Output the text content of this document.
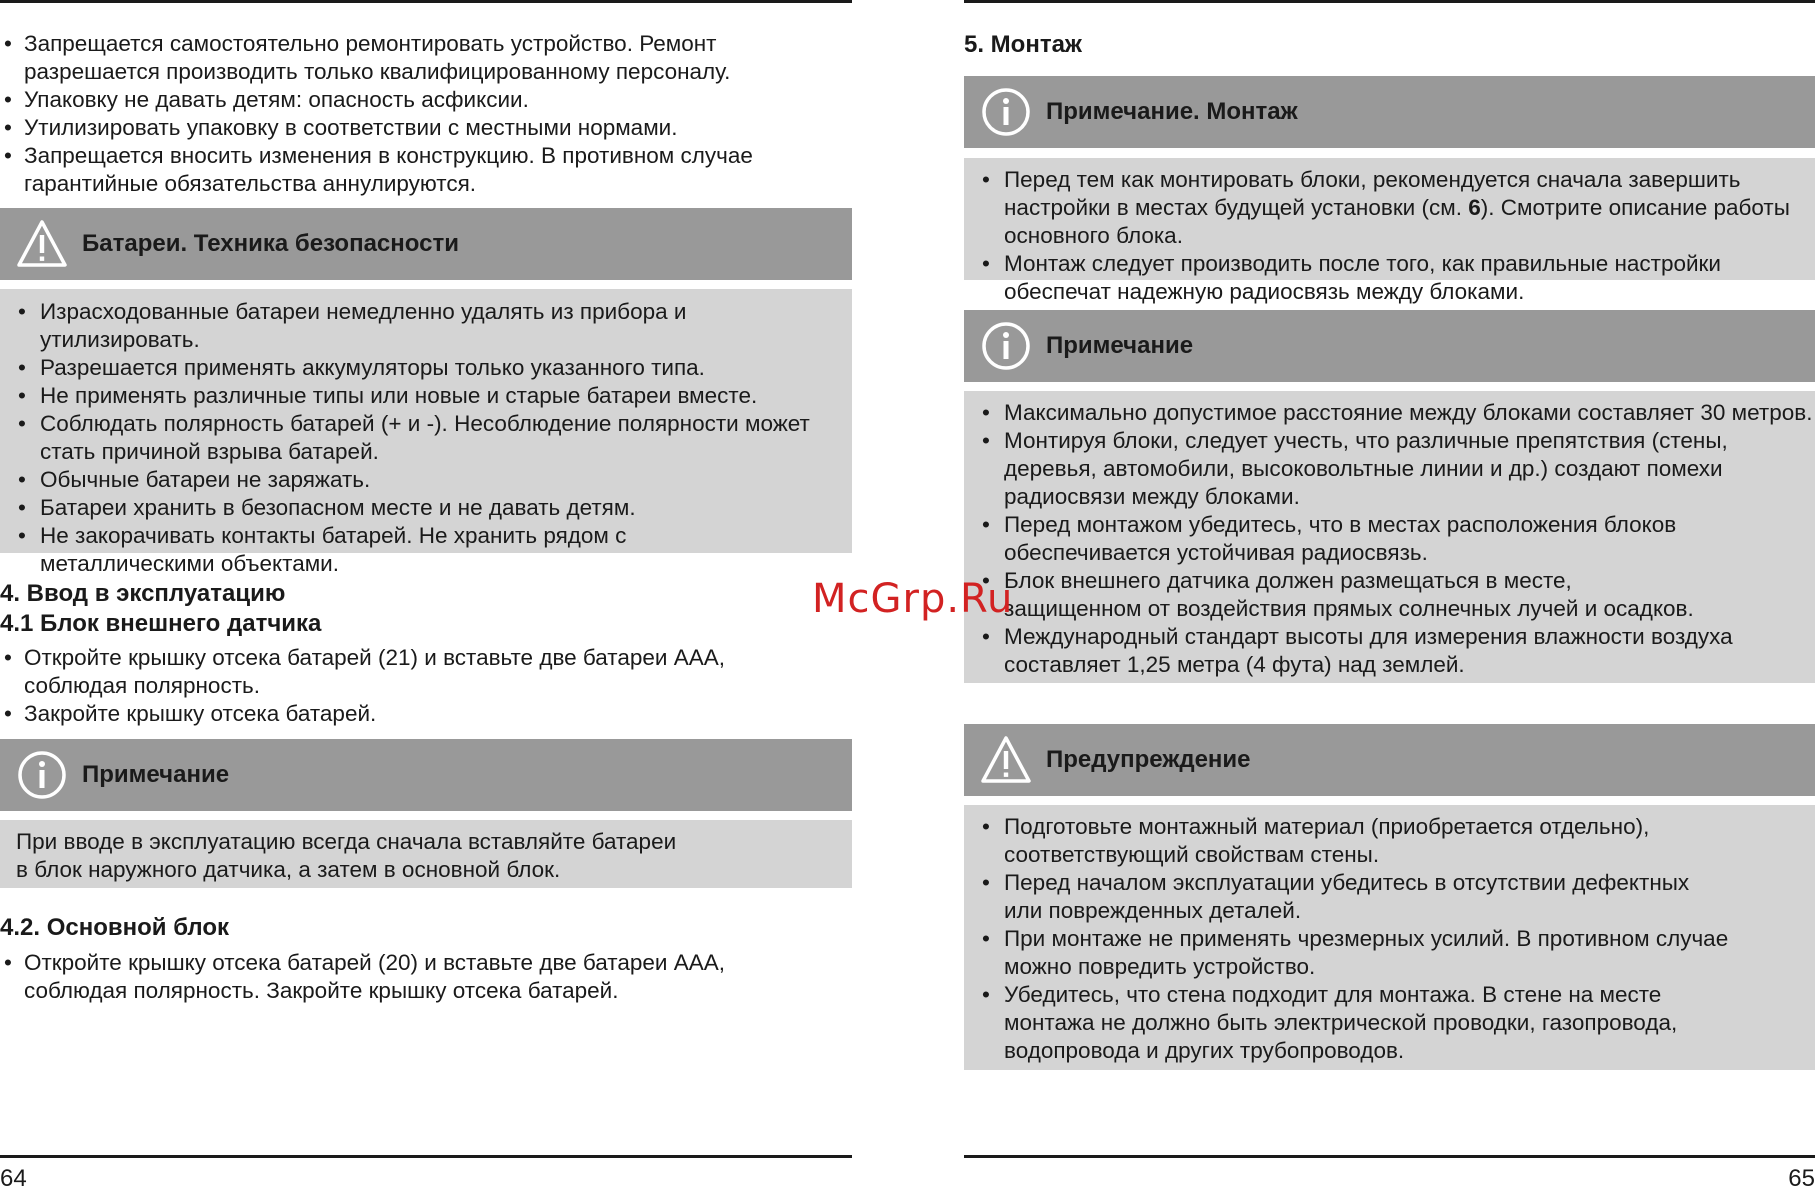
• Запрещается самостоятельно ремонтировать устройство. Ремонт разрешается производить только квалифицированному персоналу.
• Упаковку не давать детям: опасность асфиксии.
• Утилизировать упаковку в соответствии с местными нормами.
• Запрещается вносить изменения в конструкцию. В противном случае гарантийные обязательства аннулируются.
Батареи. Техника безопасности
• Израсходованные батареи немедленно удалять из прибора и утилизировать.
• Разрешается применять аккумуляторы только указанного типа.
• Не применять различные типы или новые и старые батареи вместе.
• Соблюдать полярность батарей (+ и -). Несоблюдение полярности может стать причиной взрыва батарей.
• Обычные батареи не заряжать.
• Батареи хранить в безопасном месте и не давать детям.
• Не закорачивать контакты батарей. Не хранить рядом с металлическими объектами.
4. Ввод в эксплуатацию
4.1 Блок внешнего датчика
• Откройте крышку отсека батарей (21) и вставьте две батареи AAA, соблюдая полярность.
• Закройте крышку отсека батарей.
Примечание

При вводе в эксплуатацию всегда сначала вставляйте батареи в блок наружного датчика, а затем в основной блок.

4.2. Основной блок
• Откройте крышку отсека батарей (20) и вставьте две батареи AAA, соблюдая полярность. Закройте крышку отсека батарей.
64
5. Монтаж
Примечание. Монтаж
• Перед тем как монтировать блоки, рекомендуется сначала завершить настройки в местах будущей установки (см. 6). Смотрите описание работы основного блока.
• Монтаж следует производить после того, как правильные настройки обеспечат надежную радиосвязь между блоками.
Примечание
• Максимально допустимое расстояние между блоками составляет 30 метров.
• Монтируя блоки, следует учесть, что различные препятствия (стены, деревья, автомобили, высоковольтные линии и др.) создают помехи радиосвязи между блоками.
• Перед монтажом убедитесь, что в местах расположения блоков обеспечивается устойчивая радиосвязь.
• Блок внешнего датчика должен размещаться в месте, защищенном от воздействия прямых солнечных лучей и осадков.
• Международный стандарт высоты для измерения влажности воздуха составляет 1,25 метра (4 фута) над землей.
Предупреждение
• Подготовьте монтажный материал (приобретается отдельно), соответствующий свойствам стены.
• Перед началом эксплуатации убедитесь в отсутствии дефектных или поврежденных деталей.
• При монтаже не применять чрезмерных усилий. В противном случае можно повредить устройство.
• Убедитесь, что стена подходит для монтажа. В стене на месте монтажа не должно быть электрической проводки, газопровода, водопровода и других трубопроводов.
65
McGrp.Ru
